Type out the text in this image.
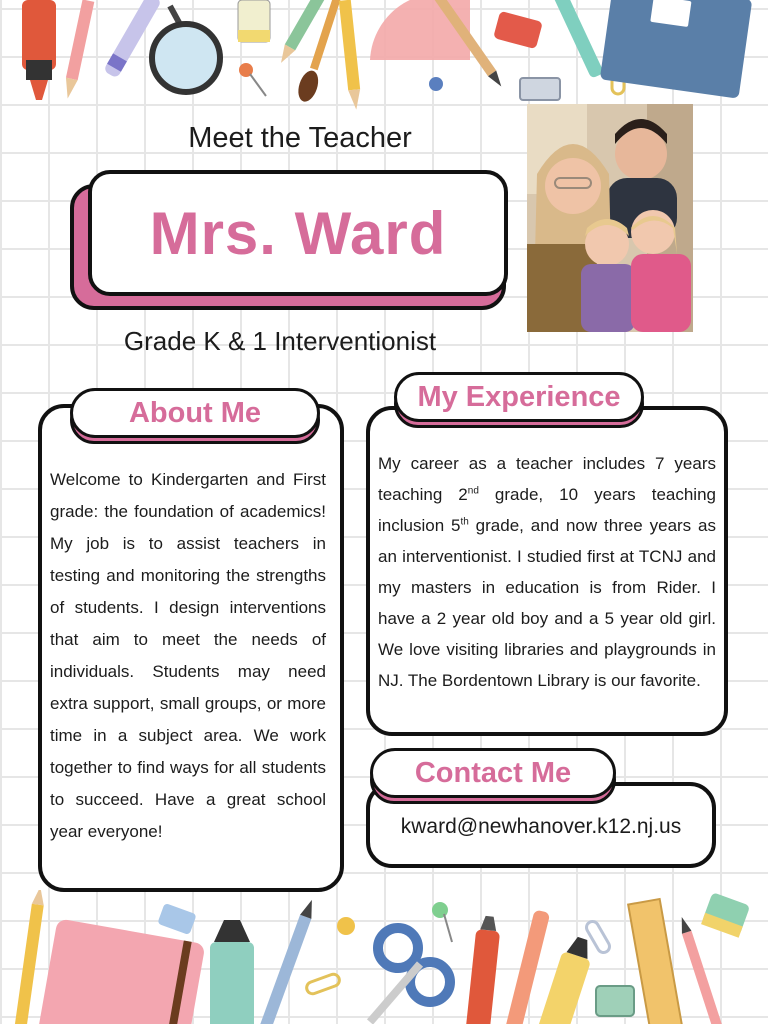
Meet the Teacher
Mrs. Ward
Grade K & 1 Interventionist

Welcome to Kindergarten and First grade: the foundation of academics! My job is to assist teachers in testing and monitoring the strengths of students. I design interventions that aim to meet the needs of individuals. Students may need extra support, small groups, or more time in a subject area. We work together to find ways for all students to succeed. Have a great school year everyone!

About Me

My career as a teacher includes 7 years teaching 2nd grade, 10 years teaching inclusion 5th grade, and now three years as an interventionist. I studied first at TCNJ and my masters in education is from Rider. I have a 2 year old boy and a 5 year old girl. We love visiting libraries and playgrounds in NJ. The Bordentown Library is our favorite.

My Experience
kward@newhanover.k12.nj.us
Contact Me
